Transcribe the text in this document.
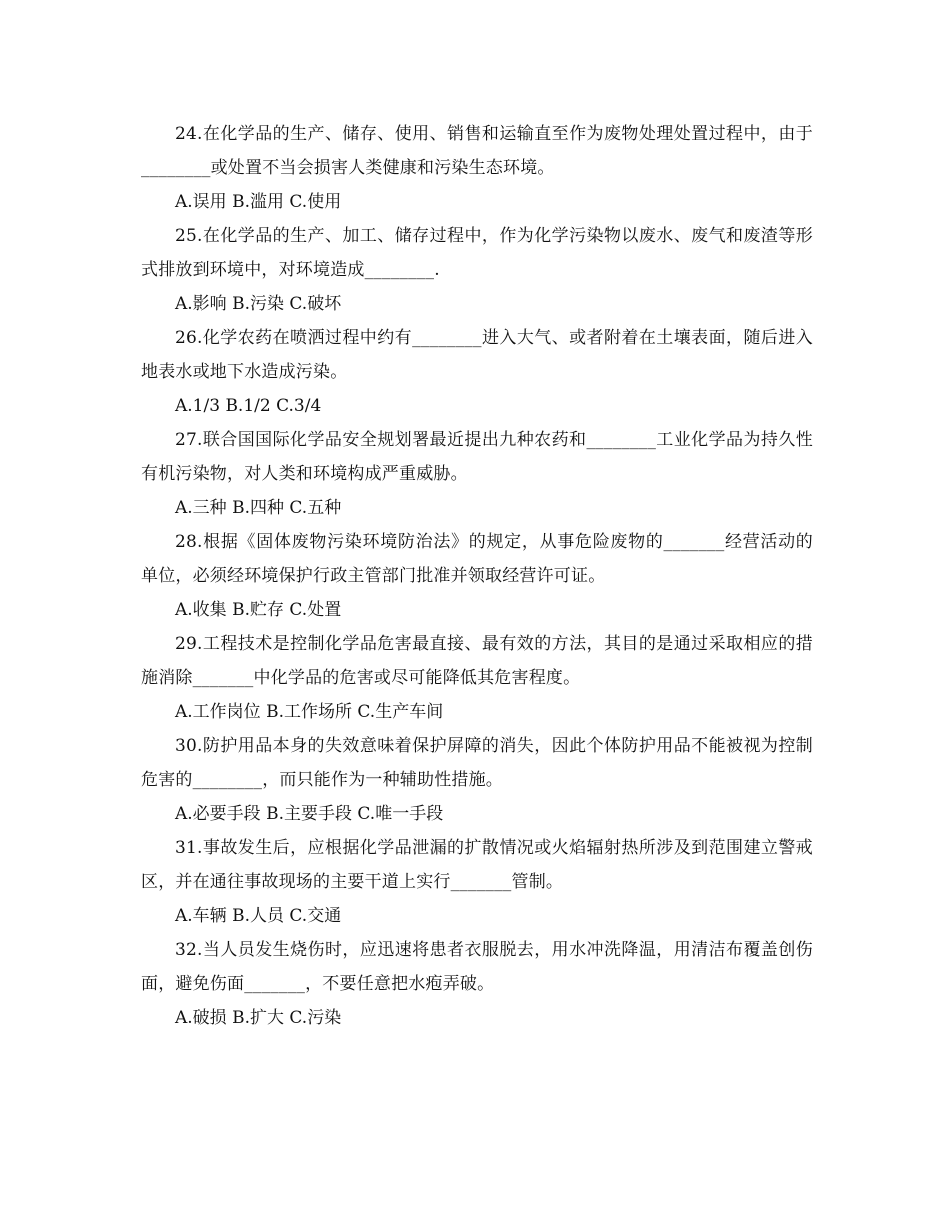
24.在化学品的生产、储存、使用、销售和运输直至作为废物处理处置过程中，由于________或处置不当会损害人类健康和污染生态环境。

A.误用 B.滥用 C.使用

25.在化学品的生产、加工、储存过程中，作为化学污染物以废水、废气和废渣等形式排放到环境中，对环境造成________.

A.影响 B.污染 C.破坏

26.化学农药在喷洒过程中约有________进入大气、或者附着在土壤表面，随后进入地表水或地下水造成污染。

A.1/3 B.1/2 C.3/4

27.联合国国际化学品安全规划署最近提出九种农药和________工业化学品为持久性有机污染物，对人类和环境构成严重威胁。

A.三种 B.四种 C.五种

28.根据《固体废物污染环境防治法》的规定，从事危险废物的_______经营活动的单位，必须经环境保护行政主管部门批准并领取经营许可证。

A.收集 B.贮存 C.处置

29.工程技术是控制化学品危害最直接、最有效的方法，其目的是通过采取相应的措施消除_______中化学品的危害或尽可能降低其危害程度。

A.工作岗位 B.工作场所 C.生产车间

30.防护用品本身的失效意味着保护屏障的消失，因此个体防护用品不能被视为控制危害的________，而只能作为一种辅助性措施。

A.必要手段 B.主要手段 C.唯一手段

31.事故发生后，应根据化学品泄漏的扩散情况或火焰辐射热所涉及到范围建立警戒区，并在通往事故现场的主要干道上实行_______管制。

A.车辆 B.人员 C.交通

32.当人员发生烧伤时，应迅速将患者衣服脱去，用水冲洗降温，用清洁布覆盖创伤面，避免伤面_______，不要任意把水疱弄破。

A.破损 B.扩大 C.污染
